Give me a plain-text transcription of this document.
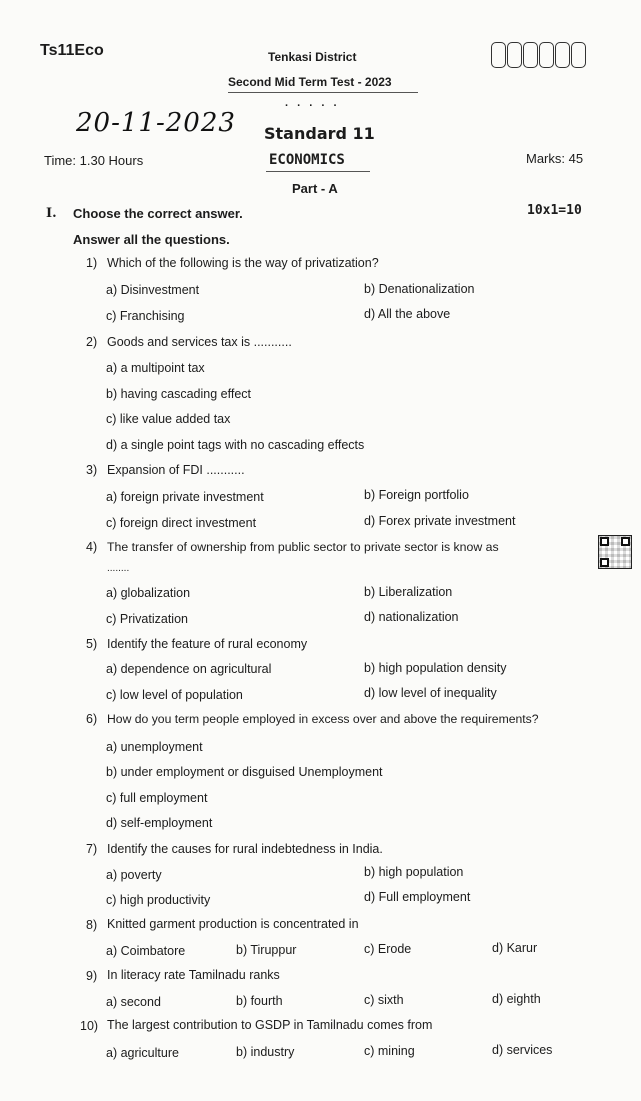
Ts11Eco	Tenkasi District
Second Mid Term Test - 2023
. . . . .
20-11-2023 Standard 11
Time: 1.30 Hours	ECONOMICS	Marks: 45
Part - A
I. Choose the correct answer.	10x1=10
Answer all the questions.
1) Which of the following is the way of privatization?
a) Disinvestment	b) Denationalization
c) Franchising	d) All the above
2) Goods and services tax is ...........
a) a multipoint tax
b) having cascading effect
c) like value added tax
d) a single point tags with no cascading effects
3) Expansion of FDI ...........
a) foreign private investment	b) Foreign portfolio
c) foreign direct investment	d) Forex private investment
4) The transfer of ownership from public sector to private sector is know as
........
a) globalization	b) Liberalization
c) Privatization	d) nationalization
5) Identify the feature of rural economy
a) dependence on agricultural	b) high population density
c) low level of population	d) low level of inequality
6) How do you term people employed in excess over and above the requirements?
a) unemployment
b) under employment or disguised Unemployment
c) full employment
d) self-employment
7) Identify the causes for rural indebtedness in India.
a) poverty	b) high population
c) high productivity	d) Full employment
8) Knitted garment production is concentrated in
a) Coimbatore	b) Tiruppur	c) Erode	d) Karur
9) In literacy rate Tamilnadu ranks
a) second	b) fourth	c) sixth	d) eighth
10) The largest contribution to GSDP in Tamilnadu comes from
a) agriculture	b) industry	c) mining	d) services
